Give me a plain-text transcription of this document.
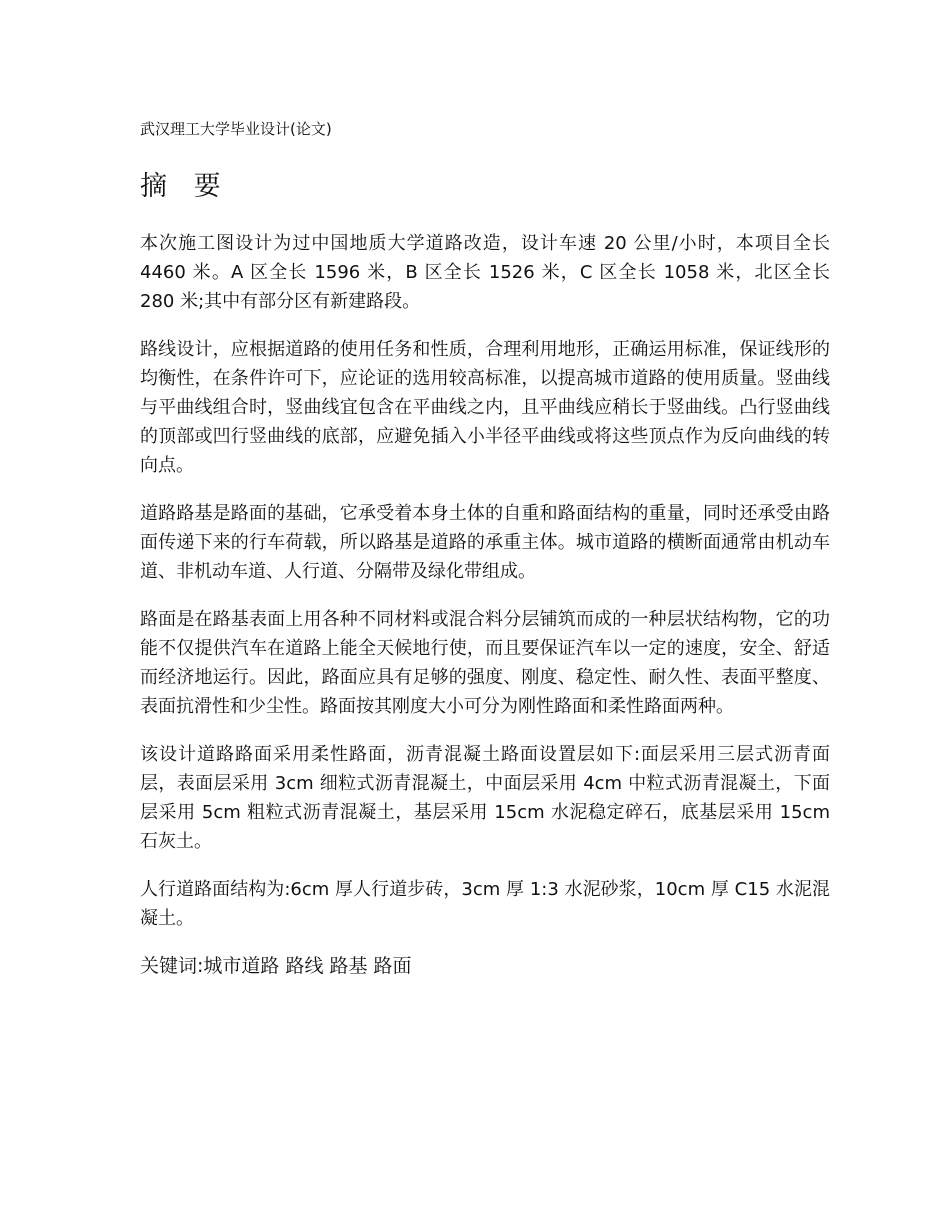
武汉理工大学毕业设计(论文)
摘 要

本次施工图设计为过中国地质大学道路改造，设计车速 20 公里/小时，本项目全长 4460 米。A 区全长 1596 米，B 区全长 1526 米，C 区全长 1058 米，北区全长 280 米;其中有部分区有新建路段。

路线设计，应根据道路的使用任务和性质，合理利用地形，正确运用标准，保证线形的均衡性，在条件许可下，应论证的选用较高标准，以提高城市道路的使用质量。竖曲线与平曲线组合时，竖曲线宜包含在平曲线之内，且平曲线应稍长于竖曲线。凸行竖曲线的顶部或凹行竖曲线的底部，应避免插入小半径平曲线或将这些顶点作为反向曲线的转向点。

道路路基是路面的基础，它承受着本身土体的自重和路面结构的重量，同时还承受由路面传递下来的行车荷载，所以路基是道路的承重主体。城市道路的横断面通常由机动车道、非机动车道、人行道、分隔带及绿化带组成。

路面是在路基表面上用各种不同材料或混合料分层铺筑而成的一种层状结构物，它的功能不仅提供汽车在道路上能全天候地行使，而且要保证汽车以一定的速度，安全、舒适而经济地运行。因此，路面应具有足够的强度、刚度、稳定性、耐久性、表面平整度、表面抗滑性和少尘性。路面按其刚度大小可分为刚性路面和柔性路面两种。

该设计道路路面采用柔性路面，沥青混凝土路面设置层如下:面层采用三层式沥青面层，表面层采用 3cm 细粒式沥青混凝土，中面层采用 4cm 中粒式沥青混凝土，下面层采用 5cm 粗粒式沥青混凝土，基层采用 15cm 水泥稳定碎石，底基层采用 15cm 石灰土。

人行道路面结构为:6cm 厚人行道步砖，3cm 厚 1:3 水泥砂浆，10cm 厚 C15 水泥混凝土。

关键词:城市道路 路线 路基 路面
